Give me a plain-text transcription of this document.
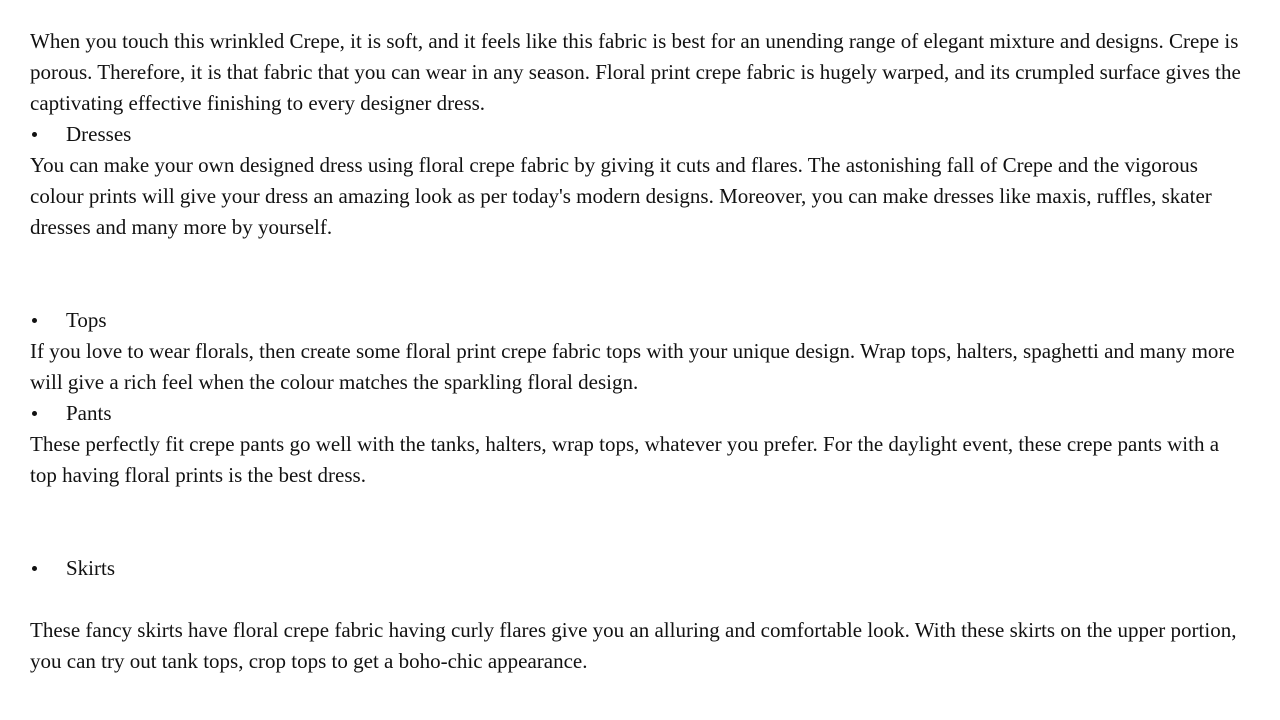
When you touch this wrinkled Crepe, it is soft, and it feels like this fabric is best for an unending range of elegant mixture and designs. Crepe is porous. Therefore, it is that fabric that you can wear in any season. Floral print crepe fabric is hugely warped, and its crumpled surface gives the captivating effective finishing to every designer dress.

Dresses

You can make your own designed dress using floral crepe fabric by giving it cuts and flares. The astonishing fall of Crepe and the vigorous colour prints will give your dress an amazing look as per today's modern designs. Moreover, you can make dresses like maxis, ruffles, skater dresses and many more by yourself.

Tops

If you love to wear florals, then create some floral print crepe fabric tops with your unique design. Wrap tops, halters, spaghetti and many more will give a rich feel when the colour matches the sparkling floral design.

Pants

These perfectly fit crepe pants go well with the tanks, halters, wrap tops, whatever you prefer. For the daylight event, these crepe pants with a top having floral prints is the best dress.

Skirts

These fancy skirts have floral crepe fabric having curly flares give you an alluring and comfortable look. With these skirts on the upper portion, you can try out tank tops, crop tops to get a boho-chic appearance.
